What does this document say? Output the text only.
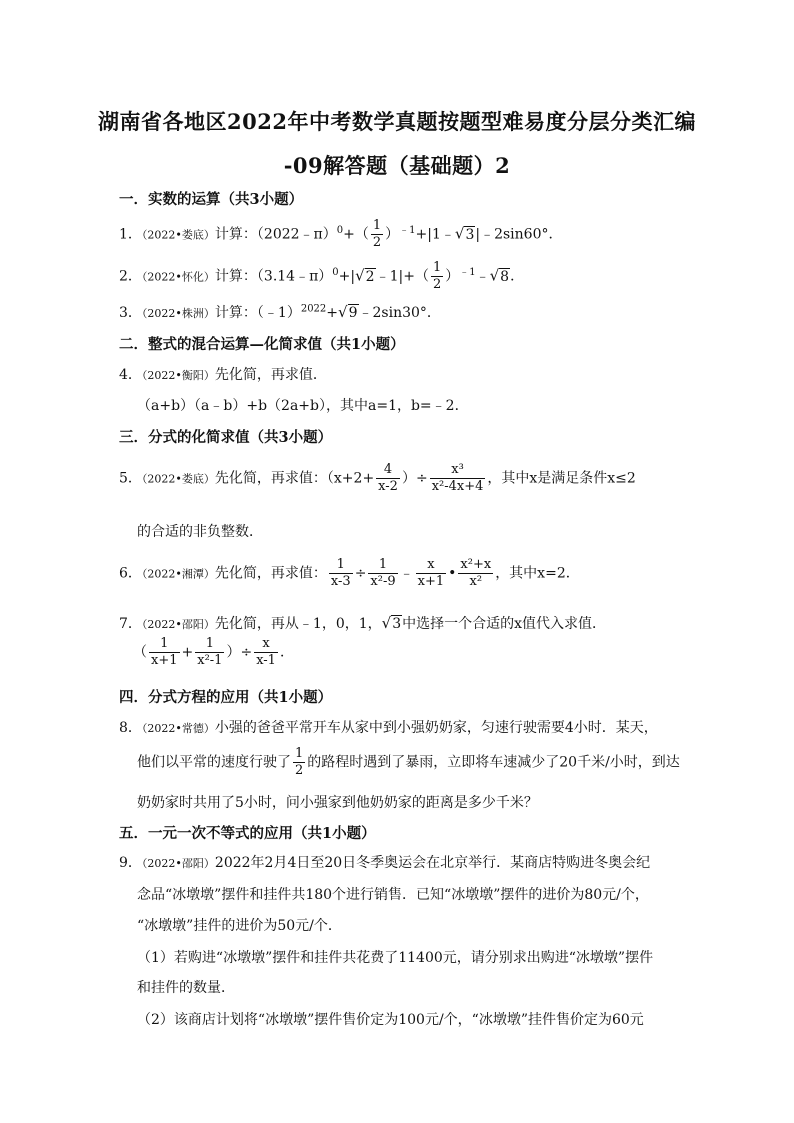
湖南省各地区2022年中考数学真题按题型难易度分层分类汇编
-09解答题（基础题）2
一．实数的运算（共3小题）
1．（2022•娄底）计算：（2022﹣π）$^0$+（ $\frac{1}{2}$ ）$^{﹣1}$+|1﹣√3|﹣2sin60°．
2．（2022•怀化）计算：（3.14﹣π）$^0$+|√2﹣1|+（ $\frac{1}{2}$ ）$^{﹣1}$﹣√8．
3．（2022•株洲）计算：（﹣1）$^{2022}$+√9﹣2sin30°．
二．整式的混合运算—化简求值（共1小题）
4．（2022•衡阳）先化简，再求值．
（a+b）（a﹣b）+b（2a+b），其中a=1，b=﹣2．
三．分式的化简求值（共3小题）
5．（2022•娄底）先化简，再求值：（$x+2+ \frac{4}{x-2}$ ）÷ $\frac{\text{x³}}{\text{x²-4x+4}}$ ，其中x是满足条件x≤2
的合适的非负整数．
6．（2022•湘潭）先化简，再求值： $\frac{1}{x-3} \div \frac{1}{\text{x²-9}}$ ﹣ $\frac{x}{x+1}$ • $\frac{\text{x²+x}}{\text{x²}}$ ，其中x=2．
7．（2022•邵阳）先化简，再从﹣1，0，1，√3中选择一个合适的x值代入求值．
（ $\frac{1}{x+1} + \frac{1}{\text{x²-1}}$ ）÷ $\frac{x}{x-1}$ ．
四．分式方程的应用（共1小题）
8．（2022•常德）小强的爸爸平常开车从家中到小强奶奶家，匀速行驶需要4小时．某天，
他们以平常的速度行驶了 $\frac{1}{2}$ 的路程时遇到了暴雨，立即将车速减少了20千米/小时，到达
奶奶家时共用了5小时，问小强家到他奶奶家的距离是多少千米？
五．一元一次不等式的应用（共1小题）
9．（2022•邵阳）2022年2月4日至20日冬季奥运会在北京举行．某商店特购进冬奥会纪
念品“冰墩墩”摆件和挂件共180个进行销售．已知“冰墩墩”摆件的进价为80元/个，
“冰墩墩”挂件的进价为50元/个．
（1）若购进“冰墩墩”摆件和挂件共花费了11400元，请分别求出购进“冰墩墩”摆件
和挂件的数量．
（2）该商店计划将“冰墩墩”摆件售价定为100元/个，“冰墩墩”挂件售价定为60元
